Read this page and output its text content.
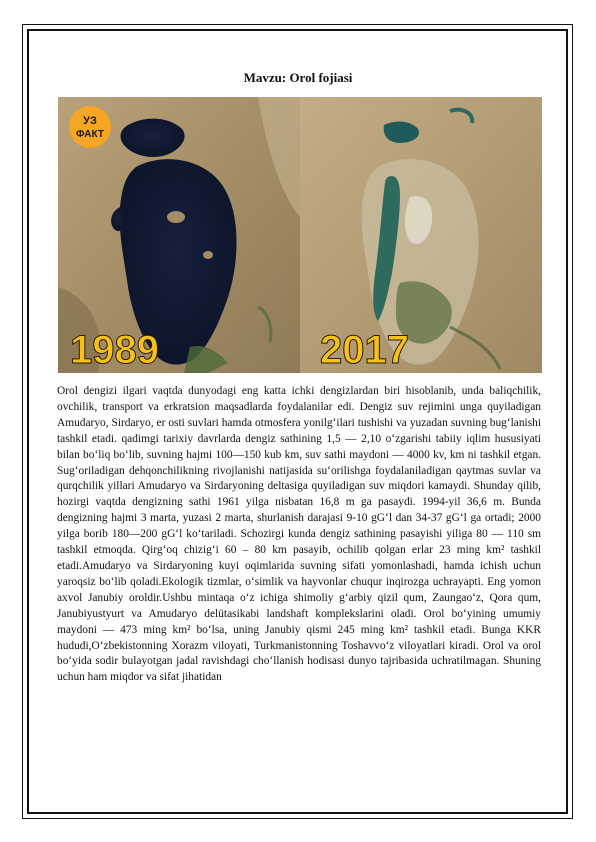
Mavzu: Orol fojiasi
УЗ
ФАКТ
1989	2017
Orol dengizi ilgari vaqtda dunyodagi eng katta ichki dengizlardan biri hisoblanib, unda baliqchilik, ovchilik, transport va erkratsion maqsadlarda foydalanilar edi. Dengiz suv rejimini unga quyiladigan Amudaryo, Sirdaryo, er osti suvlari hamda otmosfera yonilg‘ilari tushishi va yuzadan suvning bug‘lanishi tashkil etadi. qadimgi tarixiy davrlarda dengiz sathining 1,5 — 2,10 o‘zgarishi tabiiy iqlim hususiyati bilan bo‘liq bo‘lib, suvning hajmi 100—150 kub km, suv sathi maydoni — 4000 kv, km ni tashkil etgan. Sug‘oriladigan dehqonchilikning rivojlanishi natijasida su‘orilishga foydalaniladigan qaytmas suvlar va qurqchilik yillari Amudaryo va Sirdaryoning deltasiga quyiladigan suv miqdori kamaydi. Shunday qilib, hozirgi vaqtda dengizning sathi 1961 yilga nisbatan 16,8 m ga pasaydi. 1994-yil 36,6 m. Bunda dengizning hajmi 3 marta, yuzasi 2 marta, shurlanish darajasi 9-10 gG‘l dan 34-37 gG‘l ga ortadi; 2000 yilga borib 180—200 gG‘l ko‘tariladi. Schozirgi kunda dengiz sathining pasayishi yiliga 80 — 110 sm tashkil etmoqda. Qirg‘oq chizig‘i 60 – 80 km pasayib, ochilib qolgan erlar 23 ming km² tashkil etadi.Amudaryo va Sirdaryoning kuyi oqimlarida suvning sifati yomonlashadi, hamda ichish uchun yaroqsiz bo‘lib qoladi.Ekologik tizmlar, o‘simlik va hayvonlar chuqur inqirozga uchrayapti. Eng yomon axvol Janubiy oroldir.Ushbu mintaqa o‘z ichiga shimoliy g‘arbiy qizil qum, Zaungao‘z, Qora qum, Janubiyustyurt va Amudaryo delütasikabi landshaft komplekslarini oladi. Orol bo‘yining umumiy maydoni — 473 ming km² bo‘lsa, uning Janubiy qismi 245 ming km² tashkil etadi. Bunga KKR hududi,O‘zbekistonning Xorazm viloyati, Turkmanistonning Toshavvo‘z viloyatlari kiradi. Orol va orol bo‘yida sodir bulayotgan jadal ravishdagi cho‘llanish hodisasi dunyo tajribasida uchratilmagan. Shuning uchun ham miqdor va sifat jihatidan
